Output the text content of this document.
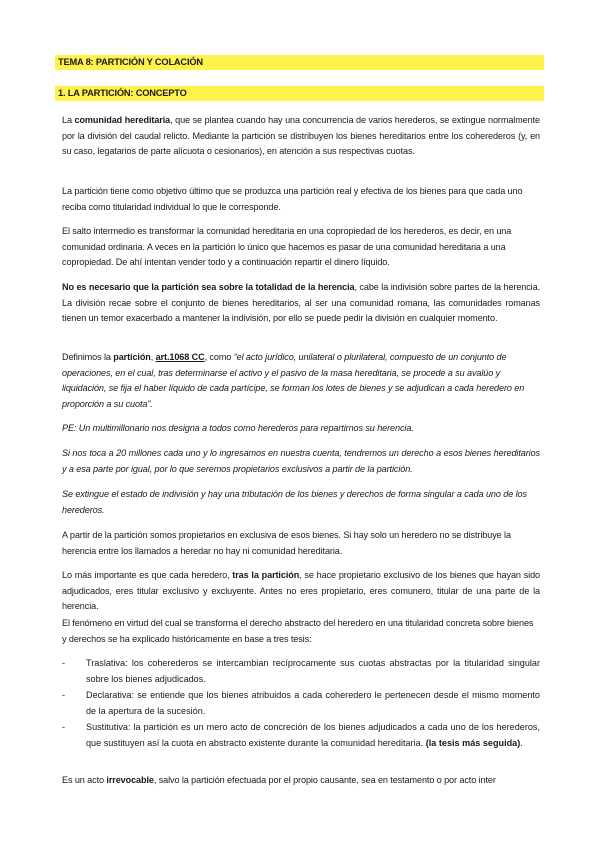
TEMA 8: PARTICIÓN Y COLACIÓN
1. LA PARTICIÓN: CONCEPTO

La comunidad hereditaria, que se plantea cuando hay una concurrencia de varios herederos, se extingue normalmente por la división del caudal relicto. Mediante la partición se distribuyen los bienes hereditarios entre los coherederos (y, en su caso, legatarios de parte alícuota o cesionarios), en atención a sus respectivas cuotas.

La partición tiene como objetivo último que se produzca una partición real y efectiva de los bienes para que cada uno reciba como titularidad individual lo que le corresponde.

El salto intermedio es transformar la comunidad hereditaria en una copropiedad de los herederos, es decir, en una comunidad ordinaria. A veces en la partición lo único que hacemos es pasar de una comunidad hereditaria a una copropiedad. De ahí intentan vender todo y a continuación repartir el dinero líquido.

No es necesario que la partición sea sobre la totalidad de la herencia, cabe la indivisión sobre partes de la herencia. La división recae sobre el conjunto de bienes hereditarios, al ser una comunidad romana, las comunidades romanas tienen un temor exacerbado a mantener la indivisión, por ello se puede pedir la división en cualquier momento.

Definimos la partición, art.1068 CC, como “el acto jurídico, unilateral o plurilateral, compuesto de un conjunto de operaciones, en el cual, tras determinarse el activo y el pasivo de la masa hereditaria, se procede a su avalúo y liquidación, se fija el haber líquido de cada partícipe, se forman los lotes de bienes y se adjudican a cada heredero en proporción a su cuota”.

PE: Un multimillonario nos designa a todos como herederos para repartirnos su herencia.

Si nos toca a 20 millones cada uno y lo ingresamos en nuestra cuenta, tendremos un derecho a esos bienes hereditarios y a esa parte por igual, por lo que seremos propietarios exclusivos a partir de la partición.

Se extingue el estado de indivisión y hay una tributación de los bienes y derechos de forma singular a cada uno de los herederos.

A partir de la partición somos propietarios en exclusiva de esos bienes. Si hay solo un heredero no se distribuye la herencia entre los llamados a heredar no hay ni comunidad hereditaria.

Lo más importante es que cada heredero, tras la partición, se hace propietario exclusivo de los bienes que hayan sido adjudicados, eres titular exclusivo y excluyente. Antes no eres propietario, eres comunero, titular de una parte de la herencia.

El fenómeno en virtud del cual se transforma el derecho abstracto del heredero en una titularidad concreta sobre bienes y derechos se ha explicado históricamente en base a tres tesis:

- Traslativa: los coherederos se intercambian recíprocamente sus cuotas abstractas por la titularidad singular sobre los bienes adjudicados.
- Declarativa: se entiende que los bienes atribuidos a cada coheredero le pertenecen desde el mismo momento de la apertura de la sucesión.
- Sustitutiva: la partición es un mero acto de concreción de los bienes adjudicados a cada uno de los herederos, que sustituyen así la cuota en abstracto existente durante la comunidad hereditaria. (la tesis más seguida).

Es un acto irrevocable, salvo la partición efectuada por el propio causante, sea en testamento o por acto inter
